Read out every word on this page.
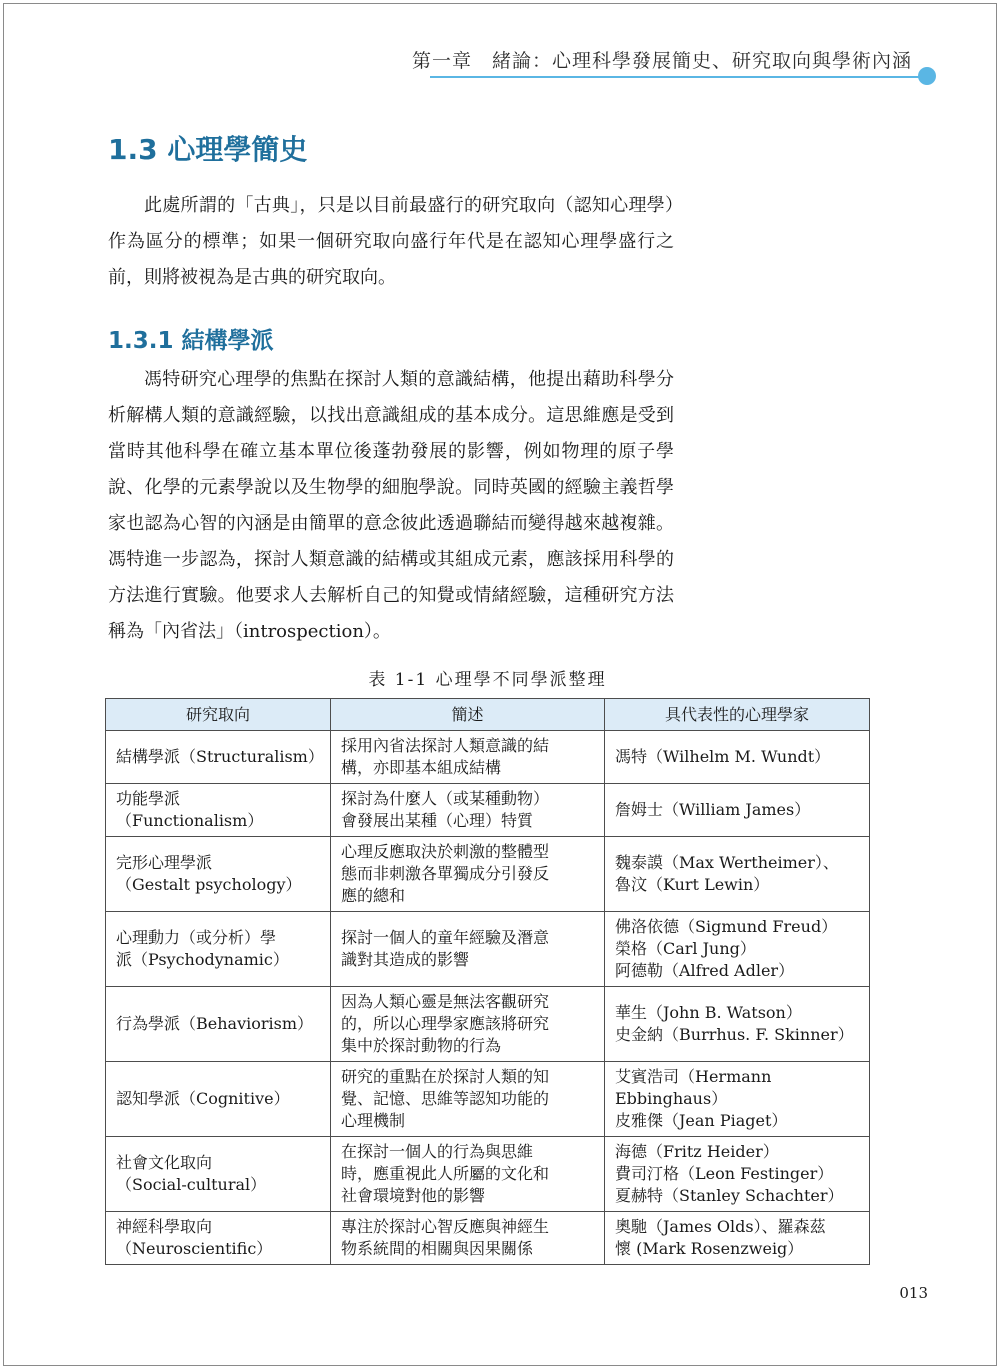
第一章　緒論：心理科學發展簡史、研究取向與學術內涵
1.3 心理學簡史

此處所謂的「古典」，只是以目前最盛行的研究取向（認知心理學）作為區分的標準；如果一個研究取向盛行年代是在認知心理學盛行之前，則將被視為是古典的研究取向。

1.3.1 結構學派

馮特研究心理學的焦點在探討人類的意識結構，他提出藉助科學分析解構人類的意識經驗，以找出意識組成的基本成分。這思維應是受到當時其他科學在確立基本單位後蓬勃發展的影響，例如物理的原子學說、化學的元素學說以及生物學的細胞學說。同時英國的經驗主義哲學家也認為心智的內涵是由簡單的意念彼此透過聯結而變得越來越複雜。馮特進一步認為，探討人類意識的結構或其組成元素，應該採用科學的方法進行實驗。他要求人去解析自己的知覺或情緒經驗，這種研究方法稱為「內省法」（introspection）。

表 1-1 心理學不同學派整理
研究取向	簡述	具代表性的心理學家

結構學派（Structuralism）	採用內省法探討人類意識的結
構，亦即基本組成結構	馮特（Wilhelm M. Wundt）

功能學派
（Functionalism）	探討為什麼人（或某種動物）
會發展出某種（心理）特質	詹姆士（William James）

完形心理學派
（Gestalt psychology）	心理反應取決於刺激的整體型
態而非刺激各單獨成分引發反
應的總和	魏泰謨（Max Wertheimer）、
魯汶（Kurt Lewin）

心理動力（或分析）學
派（Psychodynamic）	探討一個人的童年經驗及潛意
識對其造成的影響	佛洛依德（Sigmund Freud）
榮格（Carl Jung）
阿德勒（Alfred Adler）

行為學派（Behaviorism）	因為人類心靈是無法客觀研究
的，所以心理學家應該將研究
集中於探討動物的行為	華生（John B. Watson）
史金納（Burrhus. F. Skinner）

認知學派（Cognitive）	研究的重點在於探討人類的知
覺、記憶、思維等認知功能的
心理機制	艾賓浩司（Hermann
Ebbinghaus）
皮雅傑（Jean Piaget）

社會文化取向
（Social-cultural）	在探討一個人的行為與思維
時，應重視此人所屬的文化和
社會環境對他的影響	海德（Fritz Heider）
費司汀格（Leon Festinger）
夏赫特（Stanley Schachter）

神經科學取向
（Neuroscientific）	專注於探討心智反應與神經生
物系統間的相關與因果關係	奧馳（James Olds）、羅森茲
懷 (Mark Rosenzweig）
013
